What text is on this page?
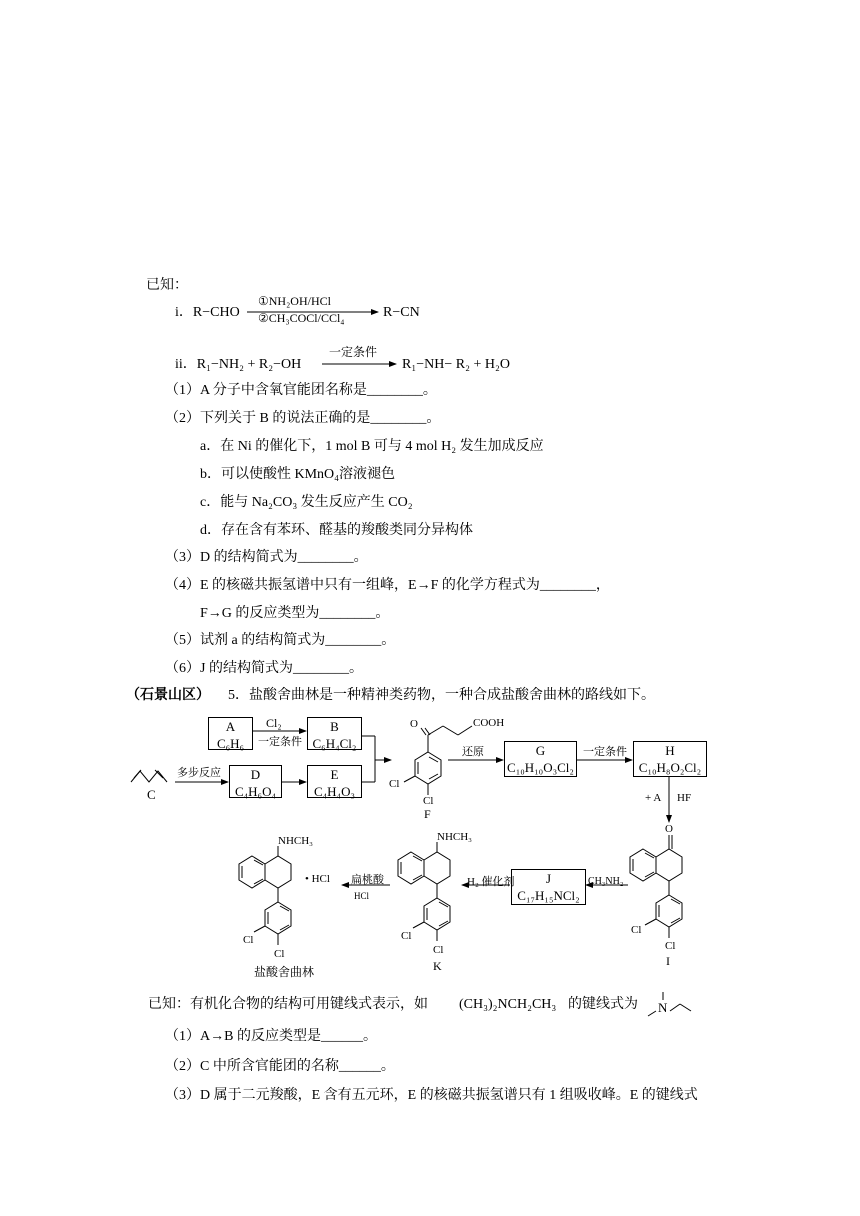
已知：
i．R−CHO
①NH₂OH/HCl
②CH₃COCl/CCl₄	R−CN
ii．R₁−NH₂ + R₂−OH
一定条件
R₁−NH− R₂ + H₂O
（1）A 分子中含氧官能团名称是________。
（2）下列关于 B 的说法正确的是________。
a．在 Ni 的催化下，1 mol B 可与 4 mol H₂ 发生加成反应
b．可以使酸性 KMnO₄溶液褪色
c．能与 Na₂CO₃ 发生反应产生 CO₂
d．存在含有苯环、醛基的羧酸类同分异构体
（3）D 的结构简式为________。
（4）E 的核磁共振氢谱中只有一组峰，E→F 的化学方程式为________，
F→G 的反应类型为________。
（5）试剂 a 的结构简式为________。
（6）J 的结构简式为________。
（石景山区） 5．盐酸舍曲林是一种精神类药物，一种合成盐酸舍曲林的路线如下。
A
C₆H₆
B
C₆H₄Cl₂
D
C₄H₆O₄
E
C₄H₄O₃
G
C₁₀H₁₀O₃Cl₂
H
C₁₀H₈O₂Cl₂
J
C₁₇H₁₅NCl₂
Cl₂
一定条件
多步反应
C
COOH
O
Cl
Cl
F
还原	一定条件
+ A HF
O
Cl
Cl
I
CH₃NH₂
H₂ 催化剂
NHCH₃
Cl
Cl
K
扁桃酸
HCl
NHCH₃
• HCl
Cl
Cl
盐酸舍曲林
已知：有机化合物的结构可用键线式表示，如 (CH₃)₂NCH₂CH₃ 的键线式为 N
（1）A→B 的反应类型是______。
（2）C 中所含官能团的名称______。
（3）D 属于二元羧酸，E 含有五元环，E 的核磁共振氢谱只有 1 组吸收峰。E 的键线式
